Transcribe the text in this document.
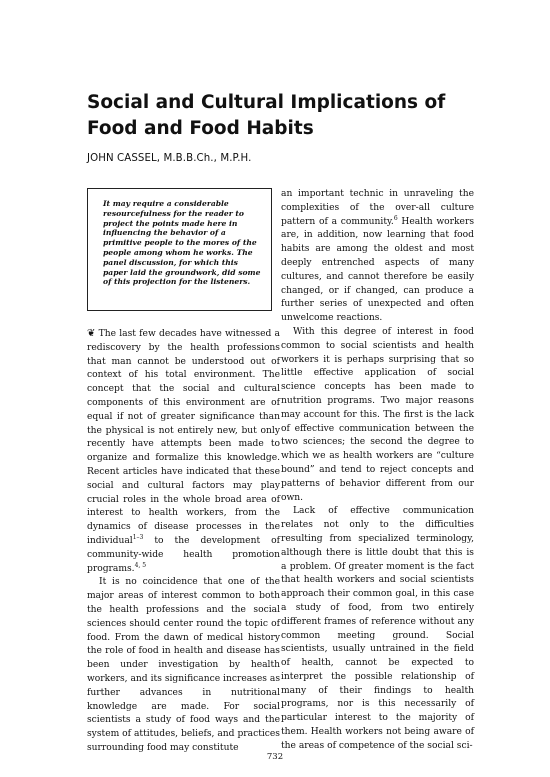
Social and Cultural Implications of Food and Food Habits
JOHN CASSEL, M.B.B.Ch., M.P.H.

It may require a considerable resourcefulness for the reader to project the points made here in influencing the behavior of a primitive people to the mores of the people among whom he works. The panel discussion, for which this paper laid the groundwork, did some of this projection for the listeners.

❦ The last few decades have witnessed a rediscovery by the health professions that man cannot be understood out of context of his total environment. The concept that the social and cultural components of this environment are of equal if not of greater significance than the physical is not entirely new, but only recently have attempts been made to organize and formalize this knowledge. Recent articles have indicated that these social and cultural factors may play crucial roles in the whole broad area of interest to health workers, from the dynamics of disease processes in the individual$^{1-3}$ to the development of community-wide health promotion programs.$^{4, 5}$

It is no coincidence that one of the major areas of interest common to both the health professions and the social sciences should center round the topic of food. From the dawn of medical history the role of food in health and disease has been under investigation by health workers, and its significance increases as further advances in nutritional knowledge are made. For social scientists a study of food ways and the system of attitudes, beliefs, and practices surrounding food may constitute

an important technic in unraveling the complexities of the over-all culture pattern of a community.$^6$ Health workers are, in addition, now learning that food habits are among the oldest and most deeply entrenched aspects of many cultures, and cannot therefore be easily changed, or if changed, can produce a further series of unexpected and often unwelcome reactions.

With this degree of interest in food common to social scientists and health workers it is perhaps surprising that so little effective application of social science concepts has been made to nutrition programs. Two major reasons may account for this. The first is the lack of effective communication between the two sciences; the second the degree to which we as health workers are “culture bound” and tend to reject concepts and patterns of behavior different from our own.

Lack of effective communication relates not only to the difficulties resulting from specialized terminology, although there is little doubt that this is a problem. Of greater moment is the fact that health workers and social scientists approach their common goal, in this case a study of food, from two entirely different frames of reference without any common meeting ground. Social scientists, usually untrained in the field of health, cannot be expected to interpret the possible relationship of many of their findings to health programs, nor is this necessarily of particular interest to the majority of them. Health workers not being aware of the areas of competence of the social sci-

732
